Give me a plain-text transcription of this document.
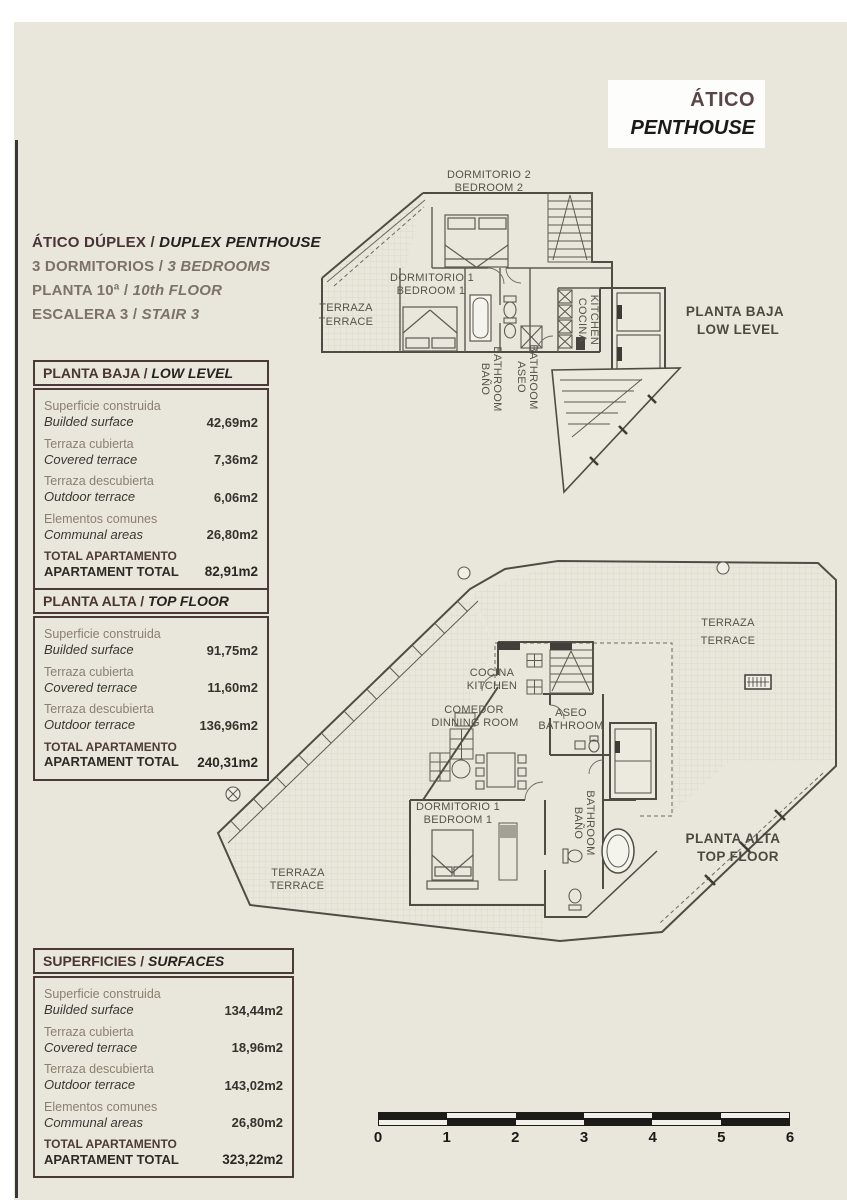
ÁTICO
PENTHOUSE
ÁTICO DÚPLEX / DUPLEX PENTHOUSE
3 DORMITORIOS / 3 BEDROOMS
PLANTA 10ª / 10th FLOOR
ESCALERA 3 / STAIR 3
PLANTA BAJA / LOW LEVEL
Superficie construida
Builded surface	42,69m2
Terraza cubierta
Covered terrace	7,36m2
Terraza descubierta
Outdoor terrace	6,06m2
Elementos comunes
Communal areas	26,80m2
TOTAL APARTAMENTO
APARTAMENT TOTAL 82,91m2
PLANTA ALTA / TOP FLOOR
Superficie construida
Builded surface	91,75m2
Terraza cubierta
Covered terrace	11,60m2
Terraza descubierta
Outdoor terrace	136,96m2
TOTAL APARTAMENTO
APARTAMENT TOTAL 240,31m2
SUPERFICIES / SURFACES
Superficie construida
Builded surface	134,44m2
Terraza cubierta
Covered terrace	18,96m2
Terraza descubierta
Outdoor terrace	143,02m2
Elementos comunes
Communal areas	26,80m2
TOTAL APARTAMENTO
APARTAMENT TOTAL	323,22m2
DORMITORIO 2
BEDROOM 2
DORMITORIO 1
BEDROOM 1
TERRAZA
TERRACE
BAÑO BATHROOM ASEO BATHROOM
COCINA KITCHEN	PLANTA BAJA
LOW LEVEL
TERRAZA
TERRACE
COCINA
KITCHEN
COMEDOR
DINNING ROOM
ASEO
BATHROOM
DORMITORIO 1
BEDROOM 1	BAÑO BATHROOM
TERRAZA
TERRACE
PLANTA ALTA
TOP FLOOR
0	1	2	3	4	5	6
